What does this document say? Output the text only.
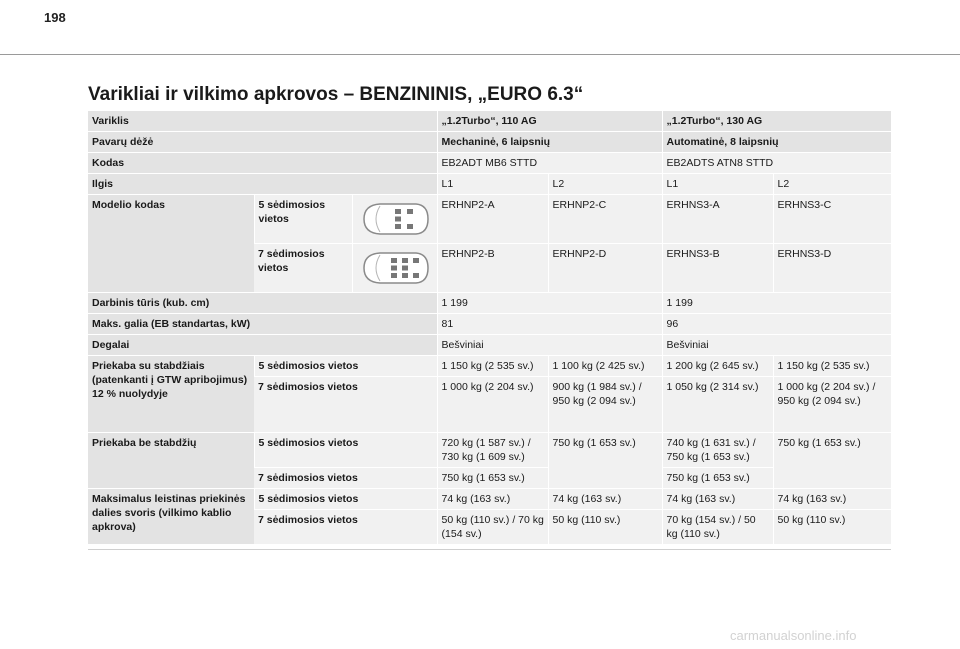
198
Varikliai ir vilkimo apkrovos – BENZININIS, „EURO 6.3“
Variklis			„1.2Turbo“, 110 AG		„1.2Turbo“, 130 AG	
Pavarų dėžė			Mechaninė, 6 laipsnių		Automatinė, 8 laipsnių	
Kodas			EB2ADT MB6 STTD		EB2ADTS ATN8 STTD	
Ilgis			L1	L2	L1	L2
Modelio kodas	5 sėdimosios vietos		ERHNP2-A	ERHNP2-C	ERHNS3-A	ERHNS3-C
	7 sėdimosios vietos		ERHNP2-B	ERHNP2-D	ERHNS3-B	ERHNS3-D
Darbinis tūris (kub. cm)			1 199		1 199	
Maks. galia (EB standartas, kW)			81		96	
Degalai			Bešviniai		Bešviniai	
Priekaba su stabdžiais (patenkanti į GTW apribojimus) 12 % nuolydyje	5 sėdimosios vietos		1 150 kg (2 535 sv.)	1 100 kg (2 425 sv.)	1 200 kg (2 645 sv.)	1 150 kg (2 535 sv.)
	7 sėdimosios vietos		1 000 kg (2 204 sv.)	900 kg (1 984 sv.) / 950 kg (2 094 sv.)	1 050 kg (2 314 sv.)	1 000 kg (2 204 sv.) / 950 kg (2 094 sv.)
Priekaba be stabdžių	5 sėdimosios vietos		720 kg (1 587 sv.) / 730 kg (1 609 sv.)	750 kg (1 653 sv.)	740 kg (1 631 sv.) / 750 kg (1 653 sv.)	750 kg (1 653 sv.)
	7 sėdimosios vietos		750 kg (1 653 sv.)		750 kg (1 653 sv.)	
Maksimalus leistinas priekinės dalies svoris (vilkimo kablio apkrova)	5 sėdimosios vietos		74 kg (163 sv.)	74 kg (163 sv.)	74 kg (163 sv.)	74 kg (163 sv.)
	7 sėdimosios vietos		50 kg (110 sv.) / 70 kg (154 sv.)	50 kg (110 sv.)	70 kg (154 sv.) / 50 kg (110 sv.)	50 kg (110 sv.)
carmanualsonline.info
